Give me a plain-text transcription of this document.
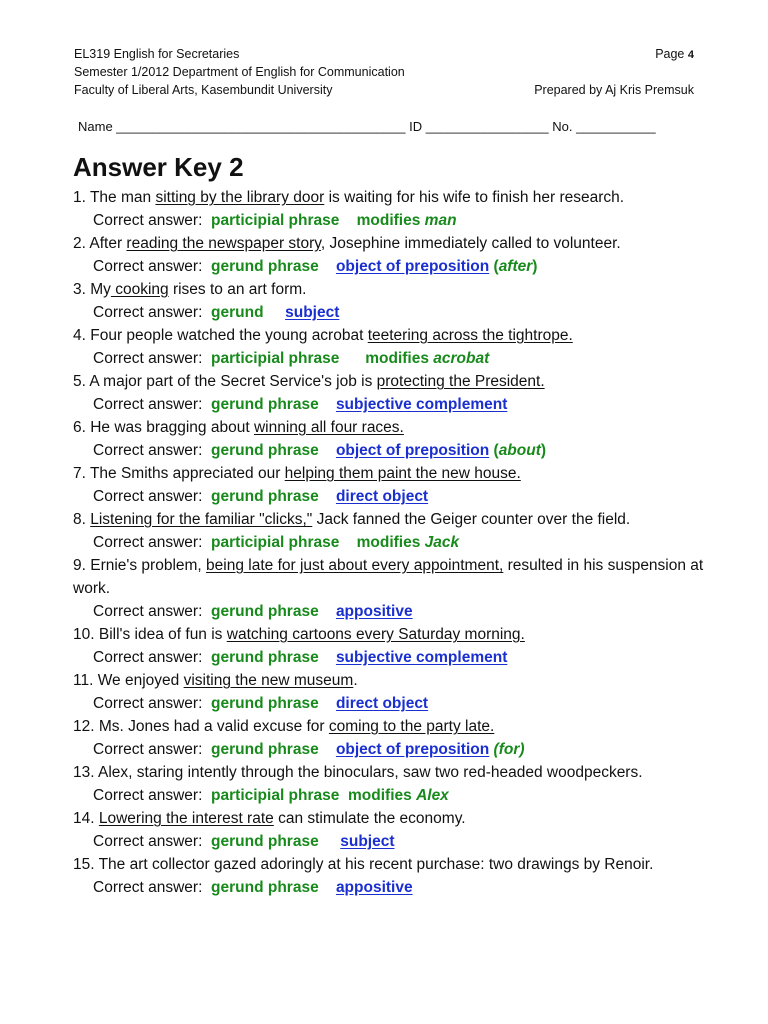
EL319 English for Secretaries
Semester 1/2012 Department of English for Communication
Faculty of Liberal Arts, Kasembundit University
Page 4
Prepared by Aj Kris Premsuk
Name ________________________________________ ID _________________ No. ___________
Answer Key 2

1. The man sitting by the library door is waiting for his wife to finish her research.

Correct answer: participial phrase modifies man

2. After reading the newspaper story, Josephine immediately called to volunteer.

Correct answer: gerund phrase object of preposition (after)

3. My cooking rises to an art form.

Correct answer: gerund subject

4. Four people watched the young acrobat teetering across the tightrope.

Correct answer: participial phrase modifies acrobat

5. A major part of the Secret Service's job is protecting the President.

Correct answer: gerund phrase subjective complement

6. He was bragging about winning all four races.

Correct answer: gerund phrase object of preposition (about)

7. The Smiths appreciated our helping them paint the new house.

Correct answer: gerund phrase direct object

8. Listening for the familiar "clicks," Jack fanned the Geiger counter over the field.

Correct answer: participial phrase modifies Jack

9. Ernie's problem, being late for just about every appointment, resulted in his suspension at work.

Correct answer: gerund phrase appositive

10. Bill's idea of fun is watching cartoons every Saturday morning.

Correct answer: gerund phrase subjective complement

11. We enjoyed visiting the new museum.

Correct answer: gerund phrase direct object

12. Ms. Jones had a valid excuse for coming to the party late.

Correct answer: gerund phrase object of preposition (for)

13. Alex, staring intently through the binoculars, saw two red-headed woodpeckers.

Correct answer: participial phrase modifies Alex

14. Lowering the interest rate can stimulate the economy.

Correct answer: gerund phrase subject

15. The art collector gazed adoringly at his recent purchase: two drawings by Renoir.

Correct answer: gerund phrase appositive
